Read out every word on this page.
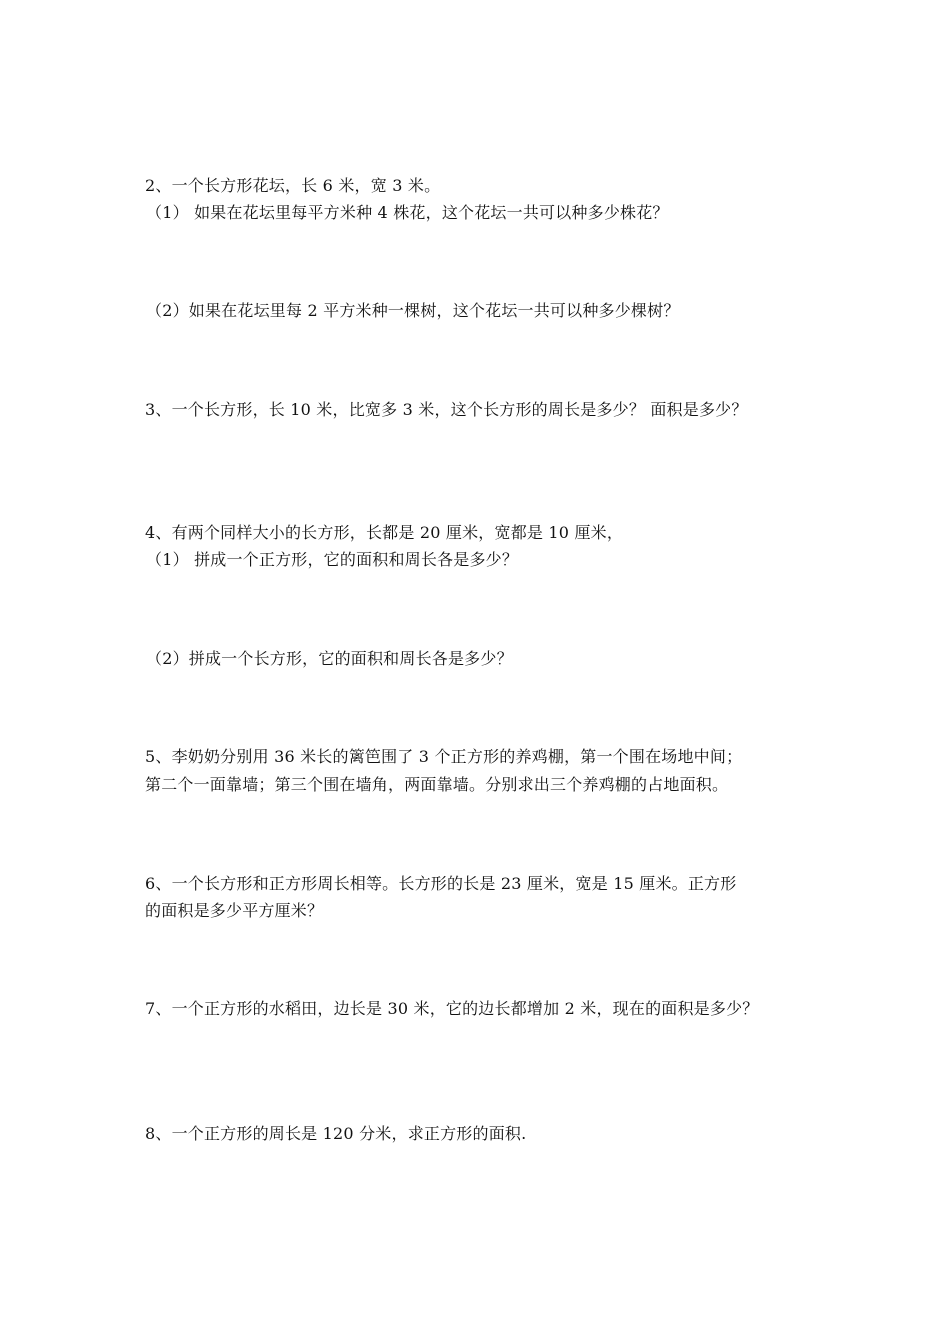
2、一个长方形花坛，长 6 米，宽 3 米。
（1） 如果在花坛里每平方米种 4 株花，这个花坛一共可以种多少株花？
（2）如果在花坛里每 2 平方米种一棵树，这个花坛一共可以种多少棵树？
3、一个长方形，长 10 米，比宽多 3 米，这个长方形的周长是多少？ 面积是多少？
4、有两个同样大小的长方形，长都是 20 厘米，宽都是 10 厘米，
（1） 拼成一个正方形，它的面积和周长各是多少？
（2）拼成一个长方形，它的面积和周长各是多少？
5、李奶奶分别用 36 米长的篱笆围了 3 个正方形的养鸡棚，第一个围在场地中间；
第二个一面靠墙；第三个围在墙角，两面靠墙。分别求出三个养鸡棚的占地面积。
6、一个长方形和正方形周长相等。长方形的长是 23 厘米，宽是 15 厘米。正方形
的面积是多少平方厘米？
7、一个正方形的水稻田，边长是 30 米，它的边长都增加 2 米，现在的面积是多少？
8、一个正方形的周长是 120 分米，求正方形的面积.
